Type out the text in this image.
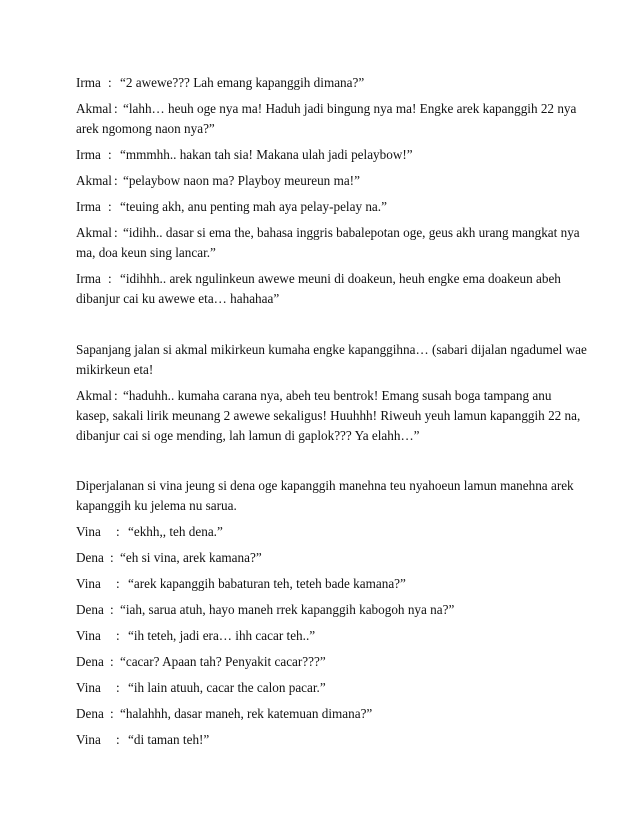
Irma : “2 awewe??? Lah emang kapanggih dimana?”
Akmal : “lahh… heuh oge nya ma! Haduh jadi bingung nya ma! Engke arek kapanggih 22 nya
arek ngomong naon nya?”
Irma : “mmmhh.. hakan tah sia! Makana ulah jadi pelaybow!”
Akmal : “pelaybow naon ma? Playboy meureun ma!”
Irma : “teuing akh, anu penting mah aya pelay-pelay na.”
Akmal : “idihh.. dasar si ema the, bahasa inggris babalepotan oge, geus akh urang mangkat nya
ma, doa keun sing lancar.”
Irma : “idihhh.. arek ngulinkeun awewe meuni di doakeun, heuh engke ema doakeun abeh
dibanjur cai ku awewe eta… hahahaa”
Sapanjang jalan si akmal mikirkeun kumaha engke kapanggihna… (sabari dijalan ngadumel wae
mikirkeun eta!
Akmal : “haduhh.. kumaha carana nya, abeh teu bentrok! Emang susah boga tampang anu
kasep, sakali lirik meunang 2 awewe sekaligus! Huuhhh! Riweuh yeuh lamun kapanggih 22 na,
dibanjur cai si oge mending, lah lamun di gaplok??? Ya elahh…”
Diperjalanan si vina jeung si dena oge kapanggih manehna teu nyahoeun lamun manehna arek
kapanggih ku jelema nu sarua.
Vina : “ekhh,, teh dena.”
Dena : “eh si vina, arek kamana?”
Vina : “arek kapanggih babaturan teh, teteh bade kamana?”
Dena : “iah, sarua atuh, hayo maneh rrek kapanggih kabogoh nya na?”
Vina : “ih teteh, jadi era… ihh cacar teh..”
Dena : “cacar? Apaan tah? Penyakit cacar???”
Vina : “ih lain atuuh, cacar the calon pacar.”
Dena : “halahhh, dasar maneh, rek katemuan dimana?”
Vina : “di taman teh!”
